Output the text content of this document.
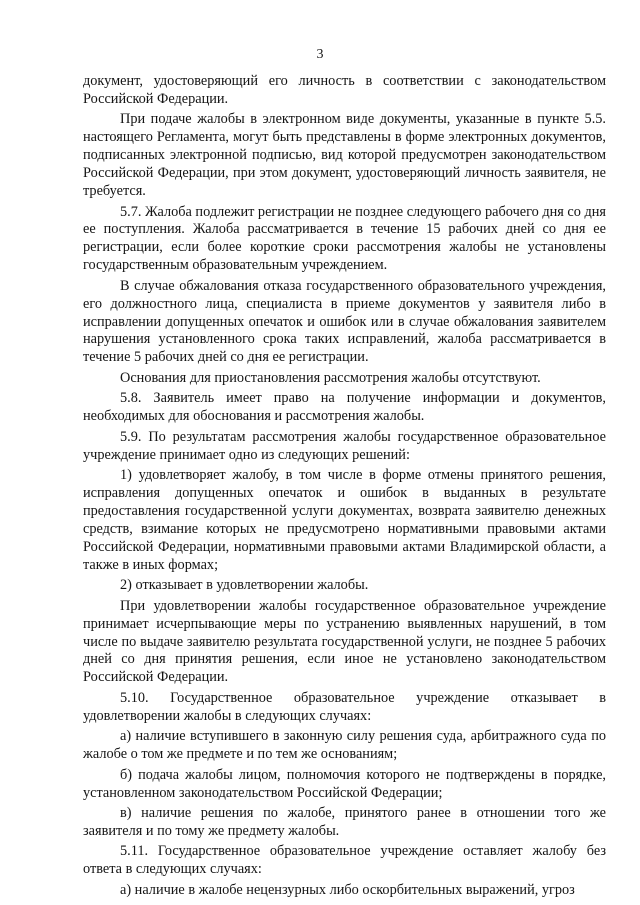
3

документ, удостоверяющий его личность в соответствии с законодательством Российской Федерации.

При подаче жалобы в электронном виде документы, указанные в пункте 5.5. настоящего Регламента, могут быть представлены в форме электронных документов, подписанных электронной подписью, вид которой предусмотрен законодательством Российской Федерации, при этом документ, удостоверяющий личность заявителя, не требуется.

5.7. Жалоба подлежит регистрации не позднее следующего рабочего дня со дня ее поступления. Жалоба рассматривается в течение 15 рабочих дней со дня ее регистрации, если более короткие сроки рассмотрения жалобы не установлены государственным образовательным учреждением.

В случае обжалования отказа государственного образовательного учреждения, его должностного лица, специалиста в приеме документов у заявителя либо в исправлении допущенных опечаток и ошибок или в случае обжалования заявителем нарушения установленного срока таких исправлений, жалоба рассматривается в течение 5 рабочих дней со дня ее регистрации.

Основания для приостановления рассмотрения жалобы отсутствуют.

5.8. Заявитель имеет право на получение информации и документов, необходимых для обоснования и рассмотрения жалобы.

5.9. По результатам рассмотрения жалобы государственное образовательное учреждение принимает одно из следующих решений:

1) удовлетворяет жалобу, в том числе в форме отмены принятого решения, исправления допущенных опечаток и ошибок в выданных в результате предоставления государственной услуги документах, возврата заявителю денежных средств, взимание которых не предусмотрено нормативными правовыми актами Российской Федерации, нормативными правовыми актами Владимирской области, а также в иных формах;

2) отказывает в удовлетворении жалобы.

При удовлетворении жалобы государственное образовательное учреждение принимает исчерпывающие меры по устранению выявленных нарушений, в том числе по выдаче заявителю результата государственной услуги, не позднее 5 рабочих дней со дня принятия решения, если иное не установлено законодательством Российской Федерации.

5.10. Государственное образовательное учреждение отказывает в удовлетворении жалобы в следующих случаях:

а) наличие вступившего в законную силу решения суда, арбитражного суда по жалобе о том же предмете и по тем же основаниям;

б) подача жалобы лицом, полномочия которого не подтверждены в порядке, установленном законодательством Российской Федерации;

в) наличие решения по жалобе, принятого ранее в отношении того же заявителя и по тому же предмету жалобы.

5.11. Государственное образовательное учреждение оставляет жалобу без ответа в следующих случаях:

а) наличие в жалобе нецензурных либо оскорбительных выражений, угроз
